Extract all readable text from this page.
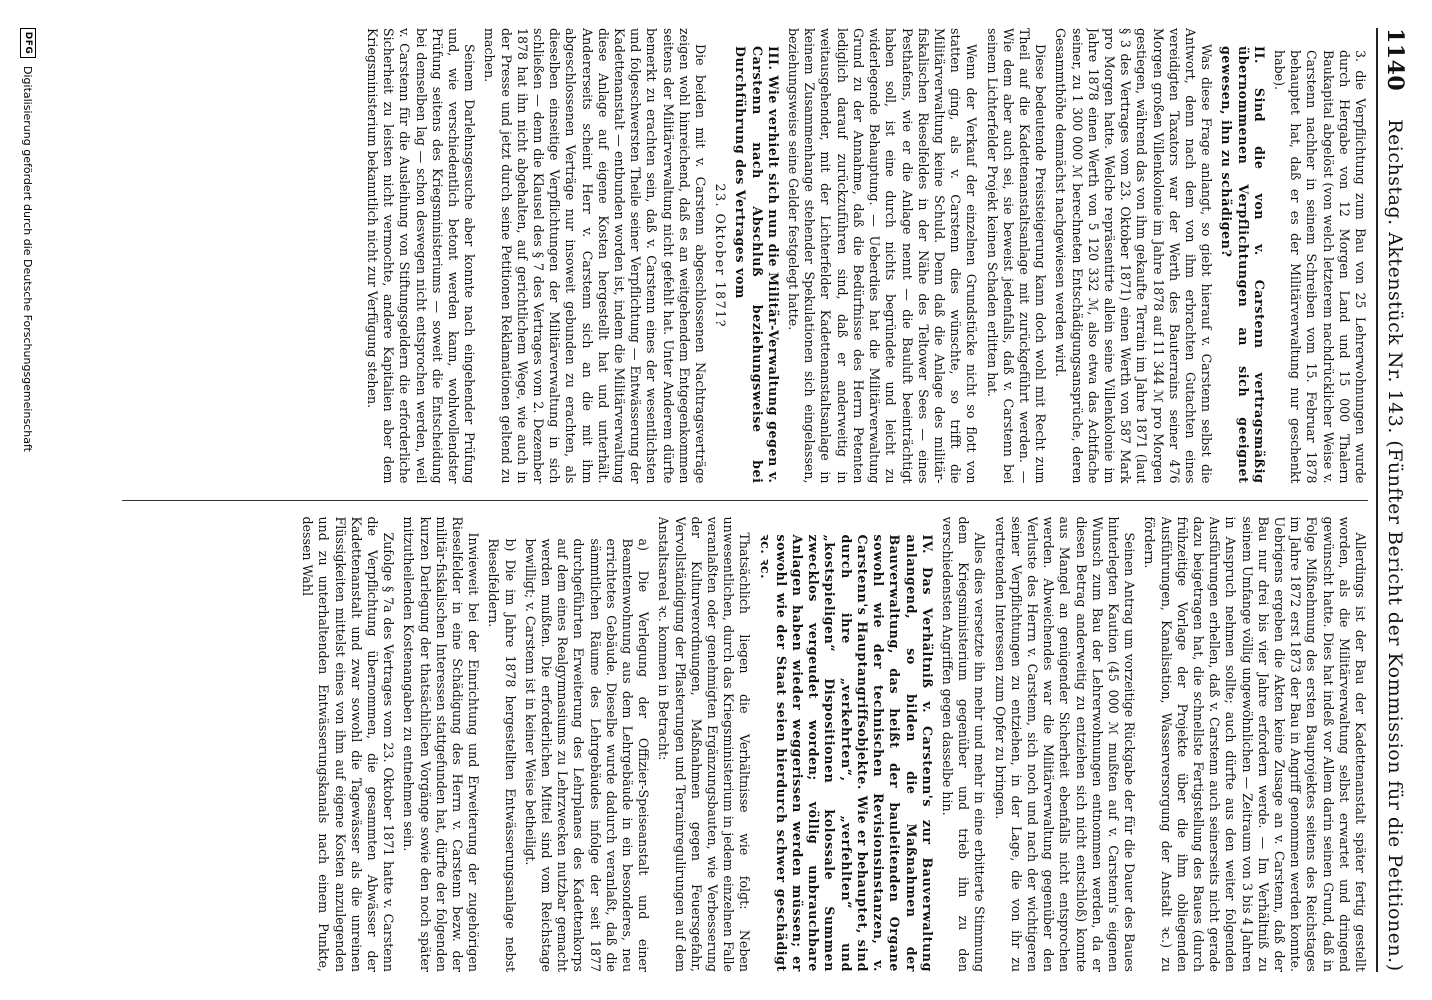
1140
Reichstag. Aktenstück Nr. 143. (Fünfter Bericht der Kommission für die Petitionen.)

3. die Verpflichtung zum Bau von 25 Lehrerwohnungen wurde durch Hergabe von 12 Morgen Land und 15 000 Thalern Baukapital abgelöst (von welch letzterem nachdrücklicher Weise v. Carstenn nachher in seinem Schreiben vom 15. Februar 1878 behauptet hat, daß er es der Militärverwaltung nur geschenkt habe).

II. Sind die von v. Carstenn vertragsmäßig übernommenen Verpflichtungen an sich geeignet gewesen, ihn zu schädigen?

Was diese Frage anlangt, so giebt hierauf v. Carstenn selbst die Antwort, denn nach dem von ihm erbrachten Gutachten eines vereidigten Taxators war der Werth des Bauterrains seiner 476 Morgen großen Villenkolonie im Jahre 1878 auf 11 344 ℳ pro Morgen gestiegen, während das von ihm gekaufte Terrain im Jahre 1871 (laut § 3 des Vertrages vom 23. Oktober 1871) einen Werth von 587 Mark pro Morgen hatte. Welche repräsentirte allein seine Villenkolonie im Jahre 1878 einen Werth von 5 120 332 ℳ, also etwa das Achtfache seiner, zu 1 300 000 ℳ berechneten Entschädigungsansprüche, deren Gesammthöhe demnächst nachgewiesen werden wird.

Diese bedeutende Preissteigerung kann doch wohl mit Recht zum Theil auf die Kadettenanstaltsanlage mit zurückgeführt werden. — Wie dem aber auch sei, sie beweist jedenfalls, daß v. Carstenn bei seinem Lichterfelder Projekt keinen Schaden erlitten hat.

Wenn der Verkauf der einzelnen Grundstücke nicht so flott von statten ging, als v. Carstenn dies wünschte, so trifft die Militärverwaltung keine Schuld. Denn daß die Anlage des militär-fiskalischen Rieselfeldes in der Nähe des Teltower Sees — eines Pesthafens, wie er die Anlage nennt — die Bauluft beeinträchtigt haben soll, ist eine durch nichts begründete und leicht zu widerlegende Behauptung. — Ueberdies hat die Militärverwaltung Grund zu der Annahme, daß die Bedürfnisse des Herrn Petenten lediglich darauf zurückzuführen sind, daß er anderweitig in weitausgehender, mit der Lichterfelder Kadettenanstaltsanlage in keinem Zusammenhange stehender Spekulationen sich eingelassen, beziehungsweise seine Gelder festgelegt hatte.

III. Wie verhielt sich nun die Militär-Verwaltung gegen v. Carstenn nach Abschluß beziehungsweise bei Durchführung des Vertrages vom

23. Oktober 1871?

Die beiden mit v. Carstenn abgeschlossenen Nachtragsverträge zeigen wohl hinreichend, daß es an weitgehendem Entgegenkommen seitens der Militärverwaltung nicht gefehlt hat. Unter Anderem dürfte bemerkt zu erachten sein, daß v. Carstenn eines der wesentlichsten und folgeschwersten Theile seiner Verpflichtung — Entwässerung der Kadettenanstalt — entbunden worden ist, indem die Militärverwaltung diese Anlage auf eigene Kosten hergestellt hat und unterhält. Andererseits scheint Herr v. Carstenn sich an die mit ihm abgeschlossenen Verträge nur insoweit gebunden zu erachten, als dieselben einseitige Verpflichtungen der Militärverwaltung in sich schließen — denn die Klausel des § 7 des Vertrages vom 2. Dezember 1878 hat ihn nicht abgehalten, auf gerichtlichem Wege, wie auch in der Presse und jetzt durch seine Petitionen Reklamationen geltend zu machen.

Seinem Darlehnsgesuche aber konnte nach eingehender Prüfung und, wie verschiedentlich betont werden kann, wohlwollendster Prüfung seitens des Kriegsministeriums — soweit die Entscheidung bei demselben lag — schon deswegen nicht entsprochen werden, weil v. Carstenn für die Ausleihung von Stiftungsgeldern die erforderliche Sicherheit zu leisten nicht vermochte, andere Kapitalien aber dem Kriegsministerium bekanntlich nicht zur Verfügung stehen.

Allerdings ist der Bau der Kadettenanstalt später fertig gestellt worden, als die Militärverwaltung selbst erwartet und dringend gewünscht hatte. Dies hat indeß vor Allem darin seinen Grund, daß in Folge Mißnehmung des ersten Bauprojektes seitens des Reichstages im Jahre 1872 erst 1873 der Bau in Angriff genommen werden konnte. Uebrigens ergeben die Akten keine Zusage an v. Carstenn, daß der Bau nur drei bis vier Jahre erfordern werde. — Im Verhältniß zu seinem Umfange völlig ungewöhnlichen — Zeitraum von 3 bis 4 Jahren in Anspruch nehmen sollte; auch dürfte aus den weiter folgenden Ausführungen erhellen, daß v. Carstenn auch seinerseits nicht gerade dazu beigetragen hat, die schnellste Fertigstellung des Baues (durch frühzeitige Vorlage der Projekte über die ihm obliegenden Ausführungen, Kanalisation, Wasserversorgung der Anstalt ꝛc.) zu fördern.

Seinen Antrag um vorzeitige Rückgabe der für die Dauer des Baues hinterlegten Kaution (45 000 ℳ mußten auf v. Carstenn's eigenen Wunsch zum Bau der Lehrerwohnungen entnommen werden, da er diesen Betrag anderweitig zu entziehen sich nicht entschloß) konnte aus Mangel an genügender Sicherheit ebenfalls nicht entsprochen werden. Abweichendes war die Militärverwaltung gegenüber den Verluste des Herrn v. Carstenn, sich noch und nach der wichtigeren seiner Verpflichtungen zu entziehen, in der Lage, die von ihr zu vertretenden Interessen zum Opfer zu bringen.

Alles dies versetzte ihn mehr und mehr in eine erbitterte Stimmung dem Kriegsministerium gegenüber und trieb ihn zu den verschiedensten Angriffen gegen dasselbe hin.

IV. Das Verhältniß v. Carstenn's zur Bauverwaltung anlangend, so bilden die Maßnahmen der Bauverwaltung, das heißt der bauleitenden Organe sowohl wie der technischen Revisionsinstanzen, v. Carstenn's Hauptangriffsobjekte. Wie er behauptet, sind durch ihre „verkehrten“, „verfehlten“ und „kostspieligen“ Dispositionen kolossale Summen zwecklos vergeudet worden; völlig unbrauchbare Anlagen haben wieder weggerissen werden müssen; er sowohl wie der Staat seien hierdurch schwer geschädigt ꝛc. ꝛc.

Thatsächlich liegen die Verhältnisse wie folgt: Neben unwesentlichen, durch das Kriegsministerium in jedem einzelnen Falle veranlaßten oder genehmigten Ergänzungsbauten, wie Verbesserung der Kulturverordnungen, Maßnahmen gegen Feuersgefahr, Vervollständigung der Pflasterungen und Terrainregulirungen auf dem Anstaltsareal ꝛc. kommen in Betracht:

a) Die Verlegung der Offizier-Speiseanstalt und einer Beamtenwohnung aus dem Lehrgebäude in ein besonderes, neu errichtetes Gebäude. Dieselbe wurde dadurch veranlaßt, daß die sämmtlichen Räume des Lehrgebäudes infolge der seit 1877 durchgeführten Erweiterung des Lehrplanes des Kadettenkorps auf dem eines Realgymnasiums zu Lehrzwecken nutzbar gemacht werden mußten. Die erforderlichen Mittel sind vom Reichstage bewilligt; v. Carstenn ist in keiner Weise betheiligt.

b) Die im Jahre 1878 hergestellten Entwässerungsanlage nebst Rieselfeldern.

Inwieweit bei der Einrichtung und Erweiterung der zugehörigen Rieselfelder in eine Schädigung des Herrn v. Carstenn bezw. der militär-fiskalischen Interessen stattgefunden hat, dürfte der folgenden kurzen Darlegung der thatsächlichen Vorgänge sowie den noch später mitzutheilenden Kostenangaben zu entnehmen sein.

Zufolge § 7a des Vertrages vom 23. Oktober 1871 hatte v. Carstenn die Verpflichtung übernommen, die gesammten Abwässer der Kadettenanstalt und zwar sowohl die Tagewässer als die unreinen Flüssigkeiten mittelst eines von ihm auf eigene Kosten anzulegenden und zu unterhaltenden Entwässerungskanals nach einem Punkte, dessen Wahl

DFG
Digitalisierung gefördert durch die Deutsche Forschungsgemeinschaft
